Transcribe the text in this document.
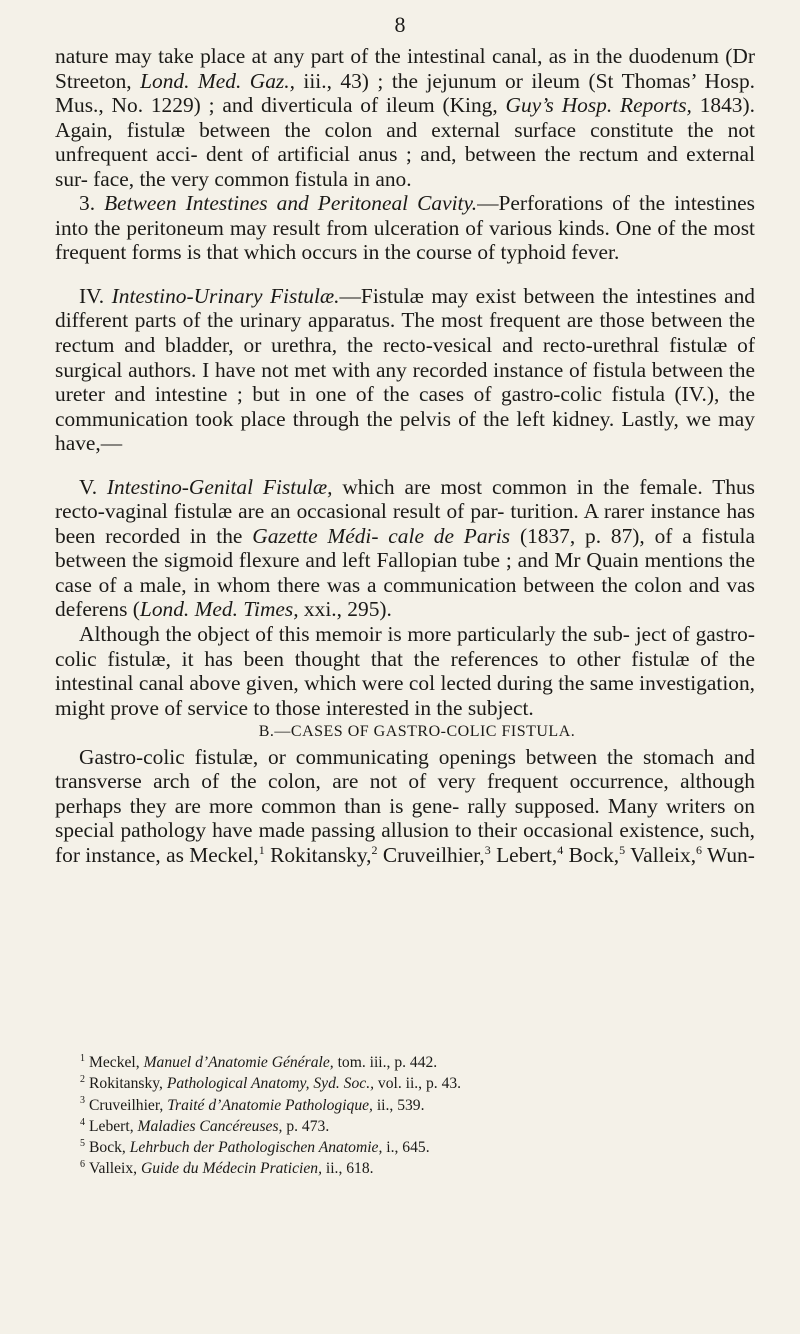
8

nature may take place at any part of the intestinal canal, as in the duodenum (Dr Streeton, Lond. Med. Gaz., iii., 43) ; the jejunum or ileum (St Thomas’ Hosp. Mus., No. 1229) ; and diverticula of ileum (King, Guy’s Hosp. Reports, 1843). Again, fistulæ between the colon and external surface constitute the not unfrequent acci- dent of artificial anus ; and, between the rectum and external sur- face, the very common fistula in ano.

3. Between Intestines and Peritoneal Cavity.—Perforations of the intestines into the peritoneum may result from ulceration of various kinds. One of the most frequent forms is that which occurs in the course of typhoid fever.

IV. Intestino-Urinary Fistulæ.—Fistulæ may exist between the intestines and different parts of the urinary apparatus. The most frequent are those between the rectum and bladder, or urethra, the recto-vesical and recto-urethral fistulæ of surgical authors. I have not met with any recorded instance of fistula between the ureter and intestine ; but in one of the cases of gastro-colic fistula (IV.), the communication took place through the pelvis of the left kidney. Lastly, we may have,—

V. Intestino-Genital Fistulæ, which are most common in the female. Thus recto-vaginal fistulæ are an occasional result of par- turition. A rarer instance has been recorded in the Gazette Médi- cale de Paris (1837, p. 87), of a fistula between the sigmoid flexure and left Fallopian tube ; and Mr Quain mentions the case of a male, in whom there was a communication between the colon and vas deferens (Lond. Med. Times, xxi., 295).

Although the object of this memoir is more particularly the sub- ject of gastro-colic fistulæ, it has been thought that the references to other fistulæ of the intestinal canal above given, which were col lected during the same investigation, might prove of service to those interested in the subject.

B.—CASES OF GASTRO-COLIC FISTULA.

Gastro-colic fistulæ, or communicating openings between the stomach and transverse arch of the colon, are not of very frequent occurrence, although perhaps they are more common than is gene- rally supposed. Many writers on special pathology have made passing allusion to their occasional existence, such, for instance, as Meckel,$^1$ Rokitansky,$^2$ Cruveilhier,$^3$ Lebert,$^4$ Bock,$^5$ Valleix,$^6$ Wun-

$^1$ Meckel, Manuel d’Anatomie Générale, tom. iii., p. 442.

$^2$ Rokitansky, Pathological Anatomy, Syd. Soc., vol. ii., p. 43.

$^3$ Cruveilhier, Traité d’Anatomie Pathologique, ii., 539.

$^4$ Lebert, Maladies Cancéreuses, p. 473.

$^5$ Bock, Lehrbuch der Pathologischen Anatomie, i., 645.

$^6$ Valleix, Guide du Médecin Praticien, ii., 618.
